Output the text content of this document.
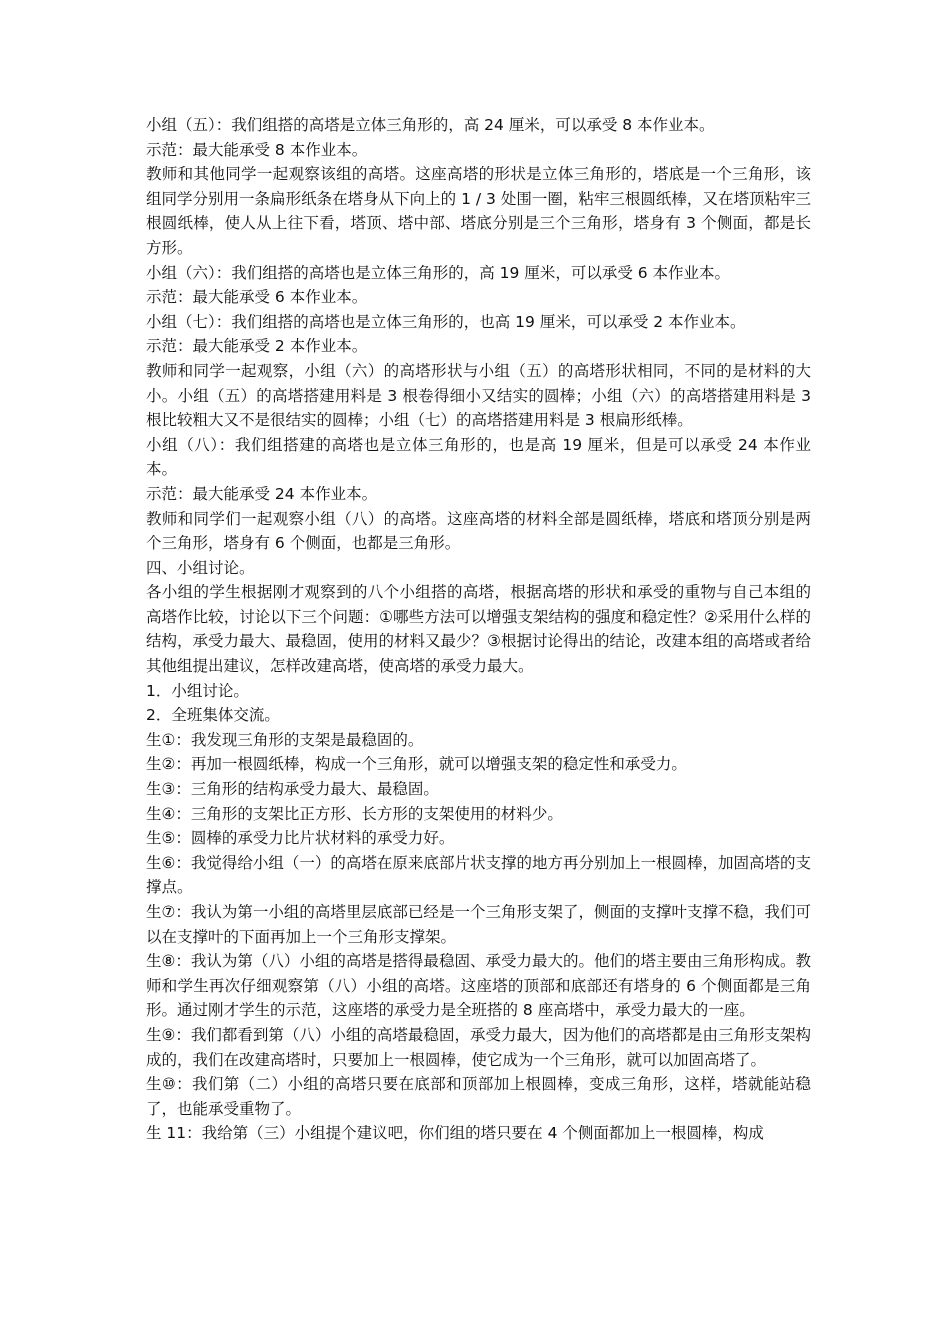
小组（五）：我们组搭的高塔是立体三角形的，高 24 厘米，可以承受 8 本作业本。

示范：最大能承受 8 本作业本。

教师和其他同学一起观察该组的高塔。这座高塔的形状是立体三角形的，塔底是一个三角形，该组同学分别用一条扁形纸条在塔身从下向上的 1 / 3 处围一圈，粘牢三根圆纸棒，又在塔顶粘牢三根圆纸棒，使人从上往下看，塔顶、塔中部、塔底分别是三个三角形，塔身有 3 个侧面，都是长方形。

小组（六）：我们组搭的高塔也是立体三角形的，高 19 厘米，可以承受 6 本作业本。

示范：最大能承受 6 本作业本。

小组（七）：我们组搭的高塔也是立体三角形的，也高 19 厘米，可以承受 2 本作业本。

示范：最大能承受 2 本作业本。

教师和同学一起观察，小组（六）的高塔形状与小组（五）的高塔形状相同，不同的是材料的大小。小组（五）的高塔搭建用料是 3 根卷得细小又结实的圆棒；小组（六）的高塔搭建用料是 3 根比较粗大又不是很结实的圆棒；小组（七）的高塔搭建用料是 3 根扁形纸棒。

小组（八）：我们组搭建的高塔也是立体三角形的，也是高 19 厘米，但是可以承受 24 本作业本。

示范：最大能承受 24 本作业本。

教师和同学们一起观察小组（八）的高塔。这座高塔的材料全部是圆纸棒，塔底和塔顶分别是两个三角形，塔身有 6 个侧面，也都是三角形。

四、小组讨论。

各小组的学生根据刚才观察到的八个小组搭的高塔，根据高塔的形状和承受的重物与自己本组的高塔作比较，讨论以下三个问题：①哪些方法可以增强支架结构的强度和稳定性？②采用什么样的结构，承受力最大、最稳固，使用的材料又最少？③根据讨论得出的结论，改建本组的高塔或者给其他组提出建议，怎样改建高塔，使高塔的承受力最大。

1．小组讨论。

2．全班集体交流。

生①：我发现三角形的支架是最稳固的。

生②：再加一根圆纸棒，构成一个三角形，就可以增强支架的稳定性和承受力。

生③：三角形的结构承受力最大、最稳固。

生④：三角形的支架比正方形、长方形的支架使用的材料少。

生⑤：圆棒的承受力比片状材料的承受力好。

生⑥：我觉得给小组（一）的高塔在原来底部片状支撑的地方再分别加上一根圆棒，加固高塔的支撑点。

生⑦：我认为第一小组的高塔里层底部已经是一个三角形支架了，侧面的支撑叶支撑不稳，我们可以在支撑叶的下面再加上一个三角形支撑架。

生⑧：我认为第（八）小组的高塔是搭得最稳固、承受力最大的。他们的塔主要由三角形构成。教师和学生再次仔细观察第（八）小组的高塔。这座塔的顶部和底部还有塔身的 6 个侧面都是三角形。通过刚才学生的示范，这座塔的承受力是全班搭的 8 座高塔中，承受力最大的一座。

生⑨：我们都看到第（八）小组的高塔最稳固，承受力最大，因为他们的高塔都是由三角形支架构成的，我们在改建高塔时，只要加上一根圆棒，使它成为一个三角形，就可以加固高塔了。

生⑩：我们第（二）小组的高塔只要在底部和顶部加上根圆棒，变成三角形，这样，塔就能站稳了，也能承受重物了。

生 11：我给第（三）小组提个建议吧，你们组的塔只要在 4 个侧面都加上一根圆棒，构成
